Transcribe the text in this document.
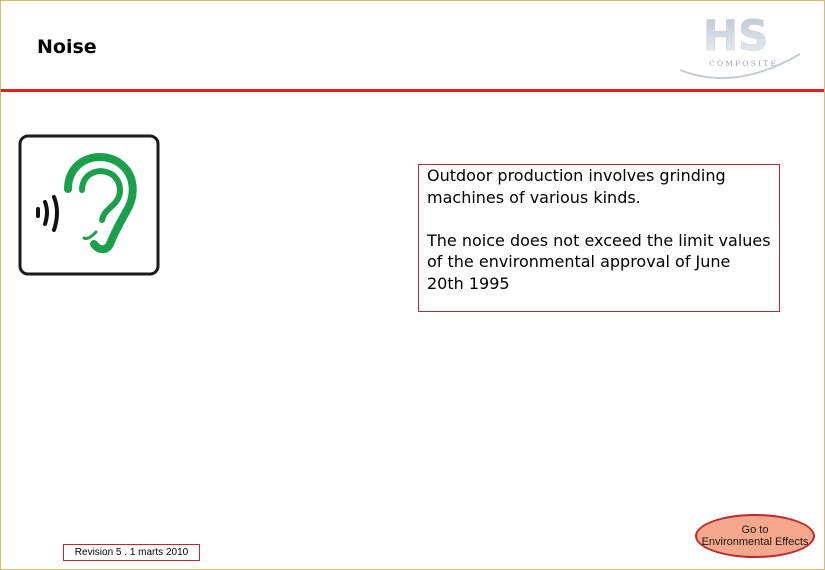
Noise	HS
COMPOSITE

Outdoor production involves grinding machines of various kinds.

The noice does not exceed the limit values of the environmental approval of June 20th 1995

Revision 5 . 1 marts 2010
Go to
Environmental Effects
